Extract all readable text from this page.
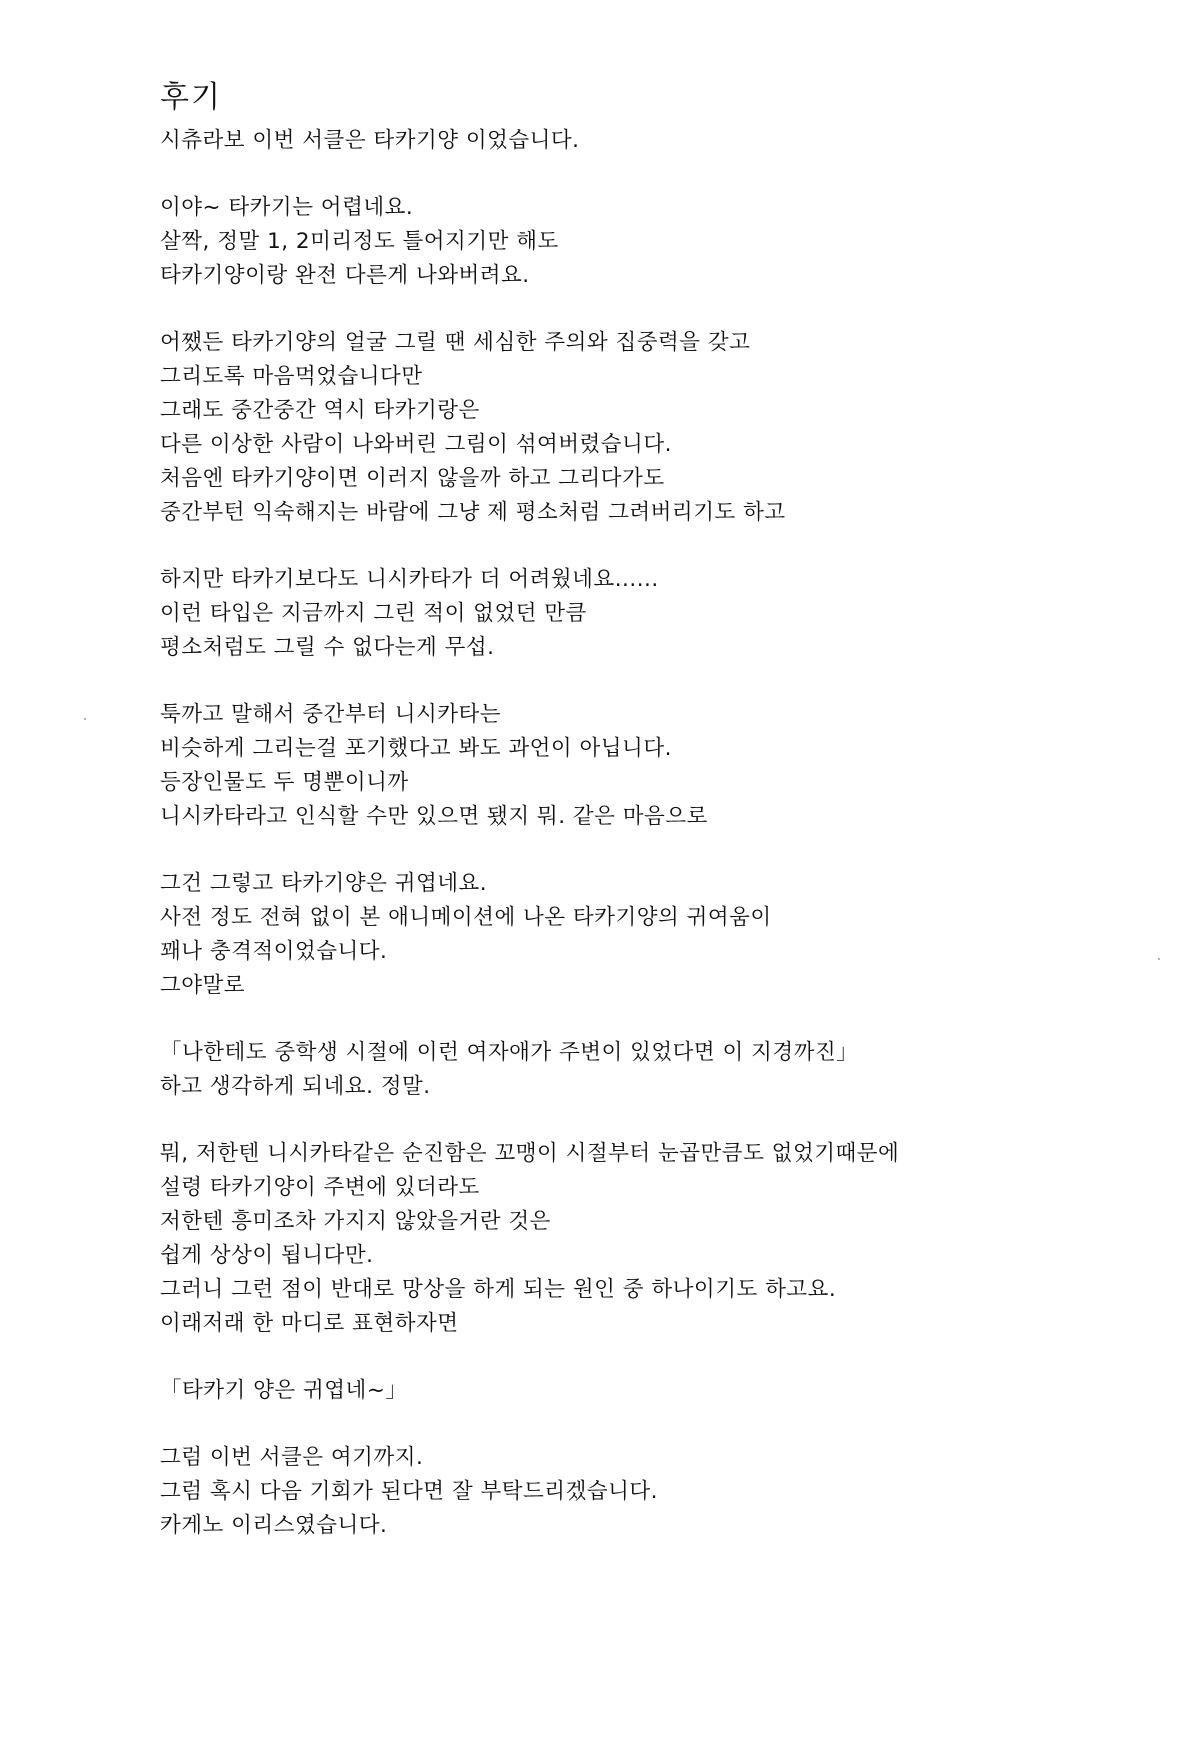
후기

시츄라보 이번 서클은 타카기양 이었습니다.

이야~ 타카기는 어렵네요.
살짝, 정말 1, 2미리정도 틀어지기만 해도
타카기양이랑 완전 다른게 나와버려요.

어쨌든 타카기양의 얼굴 그릴 땐 세심한 주의와 집중력을 갖고
그리도록 마음먹었습니다만
그래도 중간중간 역시 타카기랑은
다른 이상한 사람이 나와버린 그림이 섞여버렸습니다.
처음엔 타카기양이면 이러지 않을까 하고 그리다가도
중간부턴 익숙해지는 바람에 그냥 제 평소처럼 그려버리기도 하고

하지만 타카기보다도 니시카타가 더 어려웠네요......
이런 타입은 지금까지 그린 적이 없었던 만큼
평소처럼도 그릴 수 없다는게 무섭.

툭까고 말해서 중간부터 니시카타는
비슷하게 그리는걸 포기했다고 봐도 과언이 아닙니다.
등장인물도 두 명뿐이니까
니시카타라고 인식할 수만 있으면 됐지 뭐. 같은 마음으로

그건 그렇고 타카기양은 귀엽네요.
사전 정도 전혀 없이 본 애니메이션에 나온 타카기양의 귀여움이
꽤나 충격적이었습니다.
그야말로

「나한테도 중학생 시절에 이런 여자애가 주변이 있었다면 이 지경까진」
하고 생각하게 되네요. 정말.

뭐, 저한텐 니시카타같은 순진함은 꼬맹이 시절부터 눈곱만큼도 없었기때문에
설령 타카기양이 주변에 있더라도
저한텐 흥미조차 가지지 않았을거란 것은
쉽게 상상이 됩니다만.
그러니 그런 점이 반대로 망상을 하게 되는 원인 중 하나이기도 하고요.
이래저래 한 마디로 표현하자면

「타카기 양은 귀엽네~」

그럼 이번 서클은 여기까지.
그럼 혹시 다음 기회가 된다면 잘 부탁드리겠습니다.
카게노 이리스였습니다.
